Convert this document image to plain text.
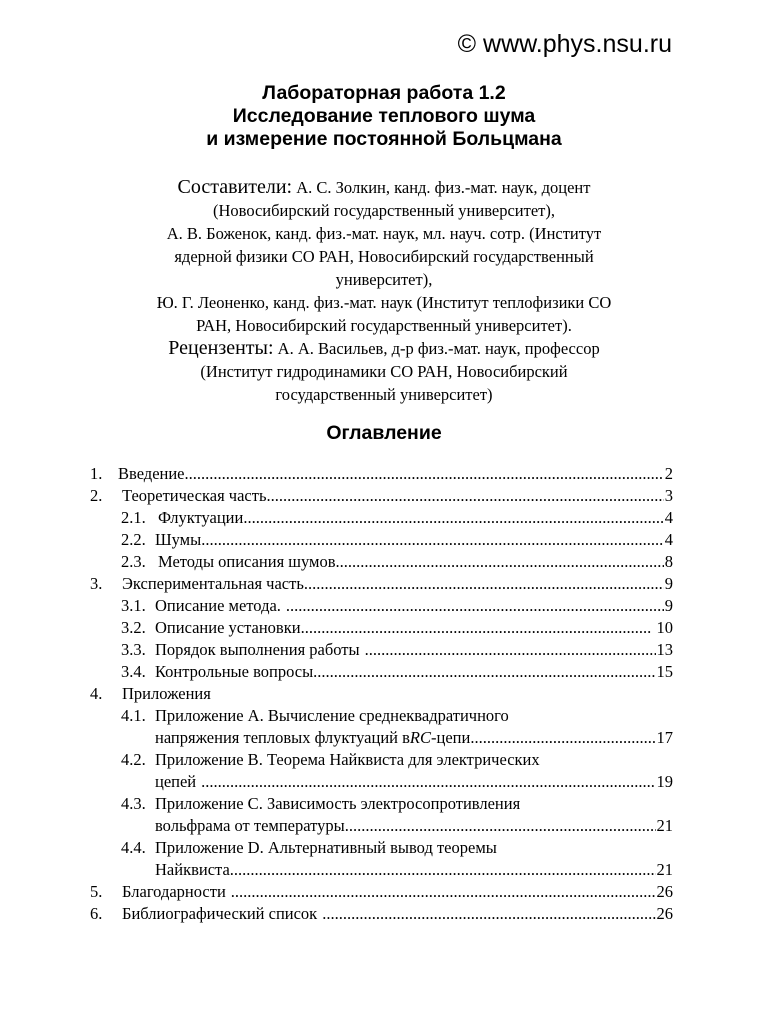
© www.phys.nsu.ru
Лабораторная работа 1.2
Исследование теплового шума
и измерение постоянной Больцмана
Составители: А. С. Золкин, канд. физ.-мат. наук, доцент
(Новосибирский государственный университет),
А. В. Боженок, канд. физ.-мат. наук, мл. науч. сотр. (Институт
ядерной физики СО РАН, Новосибирский государственный
университет),
Ю. Г. Леоненко, канд. физ.-мат. наук (Институт теплофизики СО
РАН, Новосибирский государственный университет).
Рецензенты: А. А. Васильев, д-р физ.-мат. наук, профессор
(Институт гидродинамики СО РАН, Новосибирский
государственный университет)
Оглавление
1. Введение .....	2
2. Теоретическая часть .....	3
2.1. Флуктуации .....	4
2.2. Шумы .....	4
2.3. Методы описания шумов .....	8
3. Экспериментальная часть .....	9
3.1. Описание метода. .....	9
3.2. Описание установки .....	10
3.3. Порядок выполнения работы .....	13
3.4. Контрольные вопросы .....	15
4. Приложения
4.1. Приложение А. Вычисление среднеквадратичного
напряжения тепловых флуктуаций в RC -цепи .....	17
4.2. Приложение B. Теорема Найквиста для электрических
цепей .....	19
4.3. Приложение C. Зависимость электросопротивления
вольфрама от температуры .....	21
4.4. Приложение D. Альтернативный вывод теоремы
Найквиста .....	21
5. Благодарности .....	26
6. Библиографический список .....	26
